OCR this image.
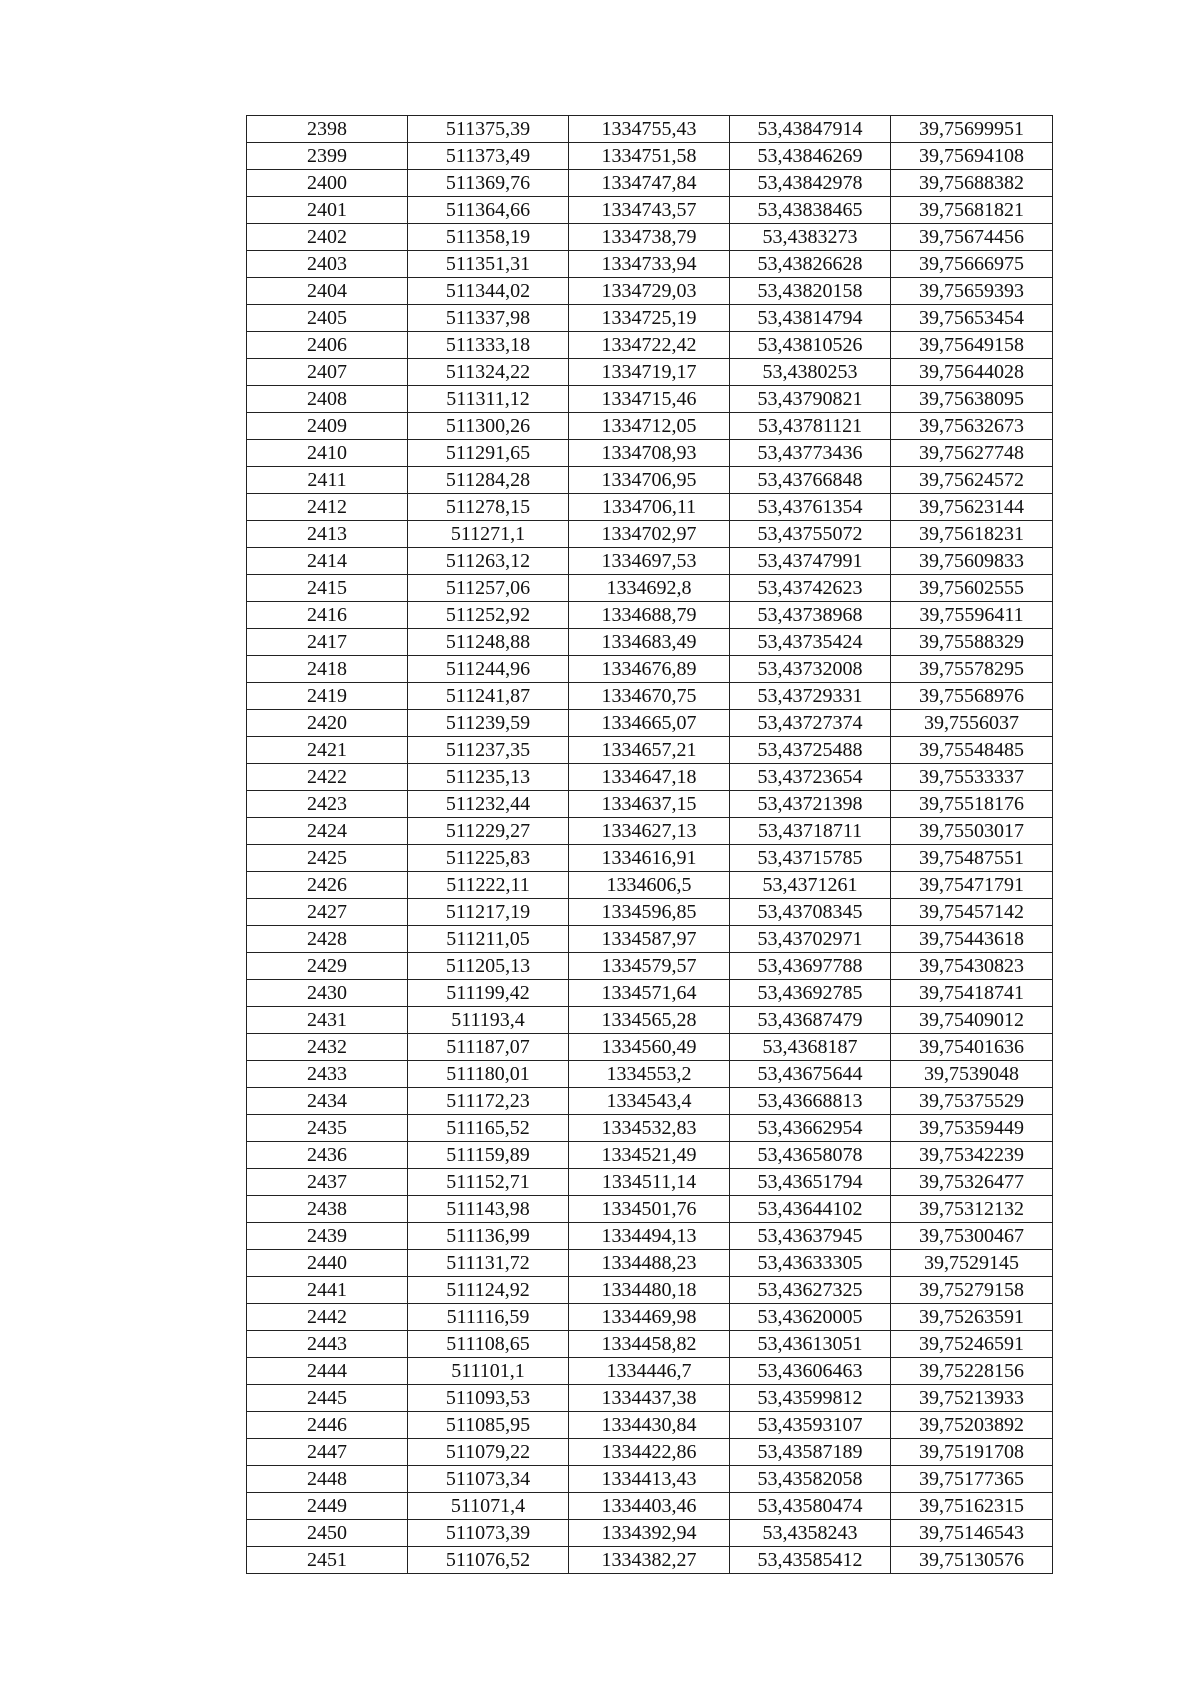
2398	511375,39	1334755,43	53,43847914	39,75699951
2399	511373,49	1334751,58	53,43846269	39,75694108
2400	511369,76	1334747,84	53,43842978	39,75688382
2401	511364,66	1334743,57	53,43838465	39,75681821
2402	511358,19	1334738,79	53,4383273	39,75674456
2403	511351,31	1334733,94	53,43826628	39,75666975
2404	511344,02	1334729,03	53,43820158	39,75659393
2405	511337,98	1334725,19	53,43814794	39,75653454
2406	511333,18	1334722,42	53,43810526	39,75649158
2407	511324,22	1334719,17	53,4380253	39,75644028
2408	511311,12	1334715,46	53,43790821	39,75638095
2409	511300,26	1334712,05	53,43781121	39,75632673
2410	511291,65	1334708,93	53,43773436	39,75627748
2411	511284,28	1334706,95	53,43766848	39,75624572
2412	511278,15	1334706,11	53,43761354	39,75623144
2413	511271,1	1334702,97	53,43755072	39,75618231
2414	511263,12	1334697,53	53,43747991	39,75609833
2415	511257,06	1334692,8	53,43742623	39,75602555
2416	511252,92	1334688,79	53,43738968	39,75596411
2417	511248,88	1334683,49	53,43735424	39,75588329
2418	511244,96	1334676,89	53,43732008	39,75578295
2419	511241,87	1334670,75	53,43729331	39,75568976
2420	511239,59	1334665,07	53,43727374	39,7556037
2421	511237,35	1334657,21	53,43725488	39,75548485
2422	511235,13	1334647,18	53,43723654	39,75533337
2423	511232,44	1334637,15	53,43721398	39,75518176
2424	511229,27	1334627,13	53,43718711	39,75503017
2425	511225,83	1334616,91	53,43715785	39,75487551
2426	511222,11	1334606,5	53,4371261	39,75471791
2427	511217,19	1334596,85	53,43708345	39,75457142
2428	511211,05	1334587,97	53,43702971	39,75443618
2429	511205,13	1334579,57	53,43697788	39,75430823
2430	511199,42	1334571,64	53,43692785	39,75418741
2431	511193,4	1334565,28	53,43687479	39,75409012
2432	511187,07	1334560,49	53,4368187	39,75401636
2433	511180,01	1334553,2	53,43675644	39,7539048
2434	511172,23	1334543,4	53,43668813	39,75375529
2435	511165,52	1334532,83	53,43662954	39,75359449
2436	511159,89	1334521,49	53,43658078	39,75342239
2437	511152,71	1334511,14	53,43651794	39,75326477
2438	511143,98	1334501,76	53,43644102	39,75312132
2439	511136,99	1334494,13	53,43637945	39,75300467
2440	511131,72	1334488,23	53,43633305	39,7529145
2441	511124,92	1334480,18	53,43627325	39,75279158
2442	511116,59	1334469,98	53,43620005	39,75263591
2443	511108,65	1334458,82	53,43613051	39,75246591
2444	511101,1	1334446,7	53,43606463	39,75228156
2445	511093,53	1334437,38	53,43599812	39,75213933
2446	511085,95	1334430,84	53,43593107	39,75203892
2447	511079,22	1334422,86	53,43587189	39,75191708
2448	511073,34	1334413,43	53,43582058	39,75177365
2449	511071,4	1334403,46	53,43580474	39,75162315
2450	511073,39	1334392,94	53,4358243	39,75146543
2451	511076,52	1334382,27	53,43585412	39,75130576
